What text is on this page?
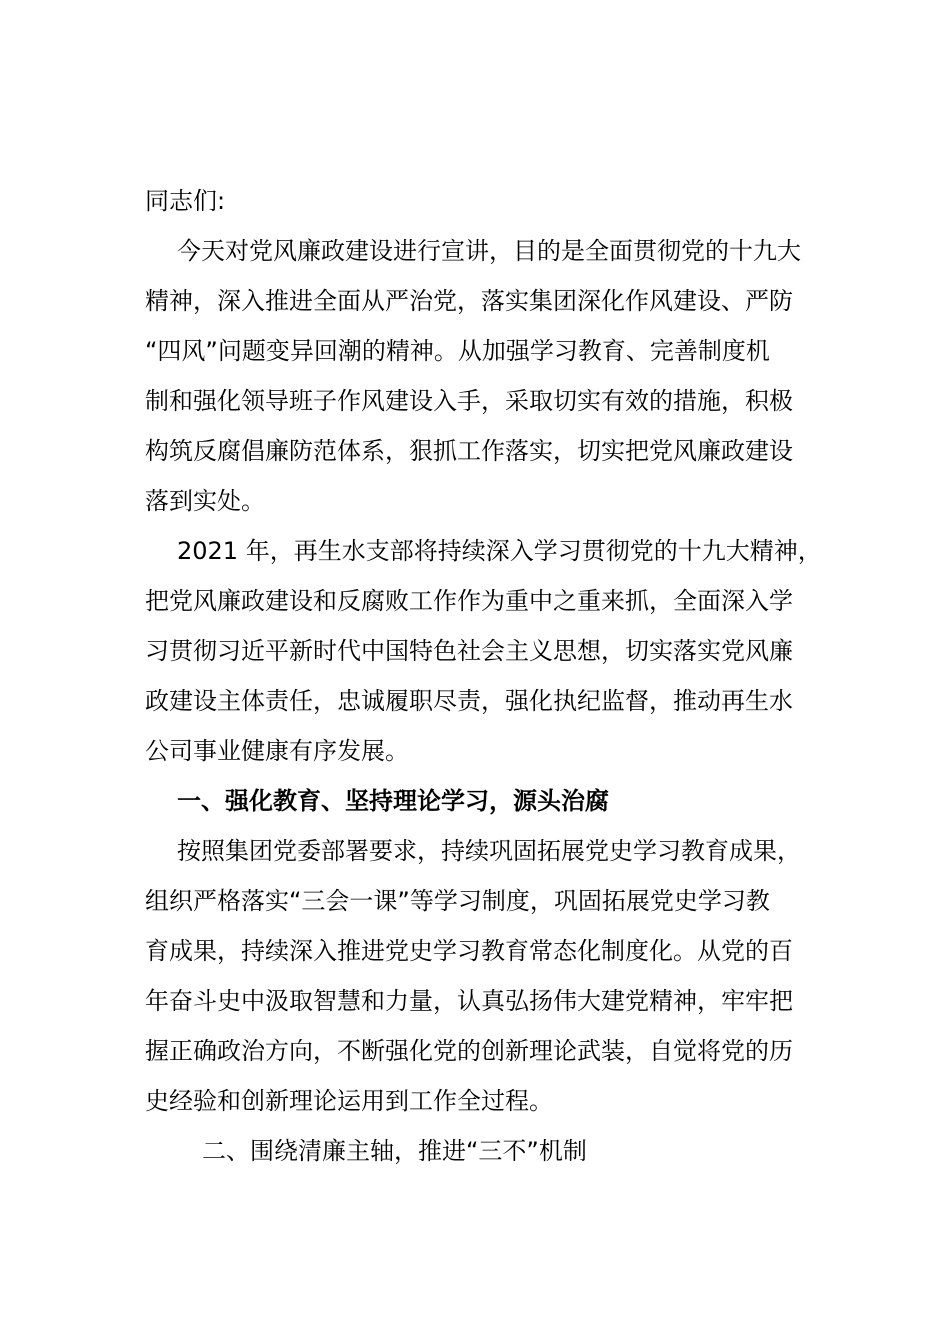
同志们:
今天对党风廉政建设进行宣讲，目的是全面贯彻党的十九大
精神，深入推进全面从严治党，落实集团深化作风建设、严防
“四风”问题变异回潮的精神。从加强学习教育、完善制度机
制和强化领导班子作风建设入手，采取切实有效的措施，积极
构筑反腐倡廉防范体系，狠抓工作落实，切实把党风廉政建设
落到实处。
2021 年，再生水支部将持续深入学习贯彻党的十九大精神，
把党风廉政建设和反腐败工作作为重中之重来抓，全面深入学
习贯彻习近平新时代中国特色社会主义思想，切实落实党风廉
政建设主体责任，忠诚履职尽责，强化执纪监督，推动再生水
公司事业健康有序发展。
一、强化教育、坚持理论学习，源头治腐
按照集团党委部署要求，持续巩固拓展党史学习教育成果，
组织严格落实“三会一课”等学习制度，巩固拓展党史学习教
育成果，持续深入推进党史学习教育常态化制度化。从党的百
年奋斗史中汲取智慧和力量，认真弘扬伟大建党精神，牢牢把
握正确政治方向，不断强化党的创新理论武装，自觉将党的历
史经验和创新理论运用到工作全过程。
二、围绕清廉主轴，推进“三不”机制
